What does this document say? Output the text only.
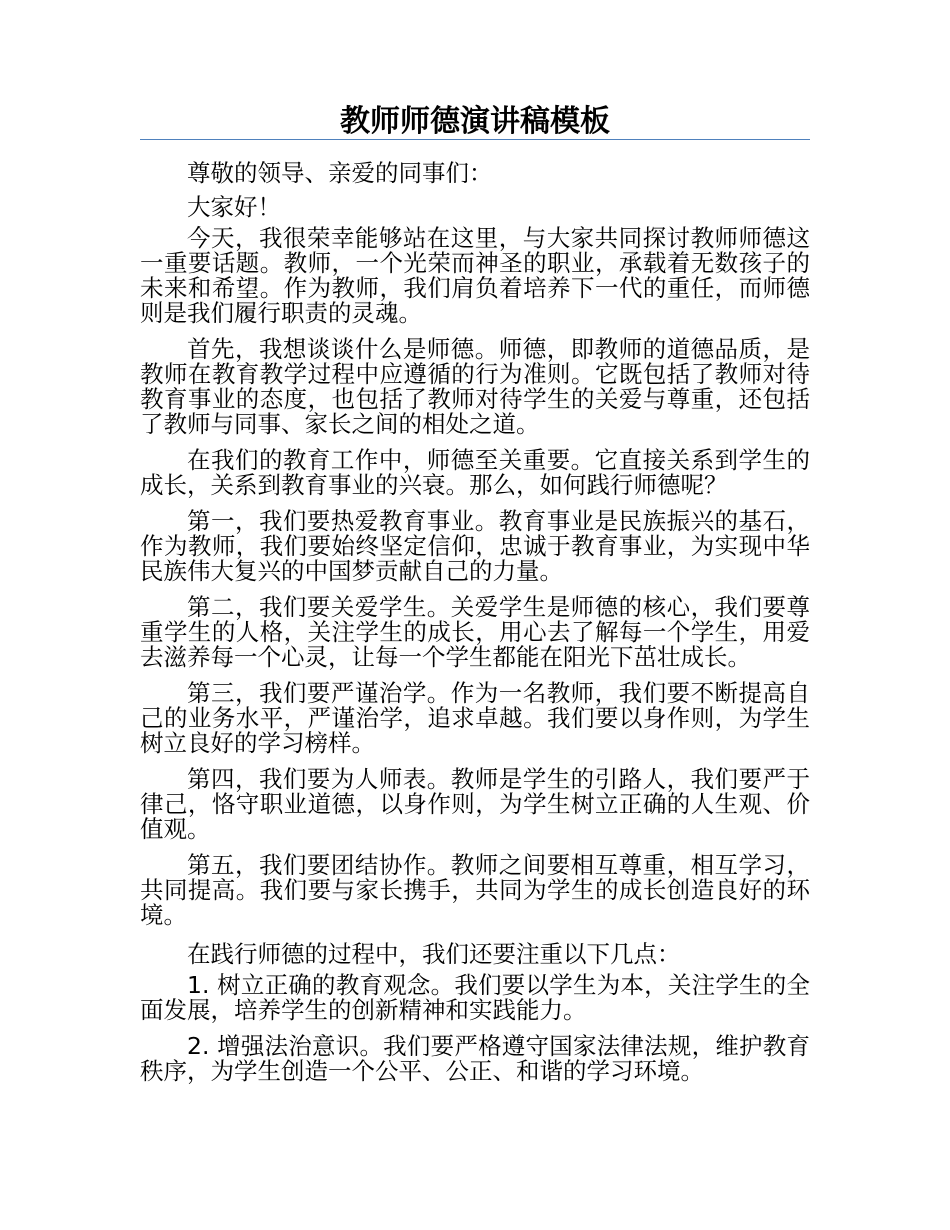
教师师德演讲稿模板

尊敬的领导、亲爱的同事们：

大家好！

今天，我很荣幸能够站在这里，与大家共同探讨教师师德这一重要话题。教师，一个光荣而神圣的职业，承载着无数孩子的未来和希望。作为教师，我们肩负着培养下一代的重任，而师德则是我们履行职责的灵魂。

首先，我想谈谈什么是师德。师德，即教师的道德品质，是教师在教育教学过程中应遵循的行为准则。它既包括了教师对待教育事业的态度，也包括了教师对待学生的关爱与尊重，还包括了教师与同事、家长之间的相处之道。

在我们的教育工作中，师德至关重要。它直接关系到学生的成长，关系到教育事业的兴衰。那么，如何践行师德呢？

第一，我们要热爱教育事业。教育事业是民族振兴的基石，作为教师，我们要始终坚定信仰，忠诚于教育事业，为实现中华民族伟大复兴的中国梦贡献自己的力量。

第二，我们要关爱学生。关爱学生是师德的核心，我们要尊重学生的人格，关注学生的成长，用心去了解每一个学生，用爱去滋养每一个心灵，让每一个学生都能在阳光下茁壮成长。

第三，我们要严谨治学。作为一名教师，我们要不断提高自己的业务水平，严谨治学，追求卓越。我们要以身作则，为学生树立良好的学习榜样。

第四，我们要为人师表。教师是学生的引路人，我们要严于律己，恪守职业道德，以身作则，为学生树立正确的人生观、价值观。

第五，我们要团结协作。教师之间要相互尊重，相互学习，共同提高。我们要与家长携手，共同为学生的成长创造良好的环境。

在践行师德的过程中，我们还要注重以下几点：

1. 树立正确的教育观念。我们要以学生为本，关注学生的全面发展，培养学生的创新精神和实践能力。

2. 增强法治意识。我们要严格遵守国家法律法规，维护教育秩序，为学生创造一个公平、公正、和谐的学习环境。
